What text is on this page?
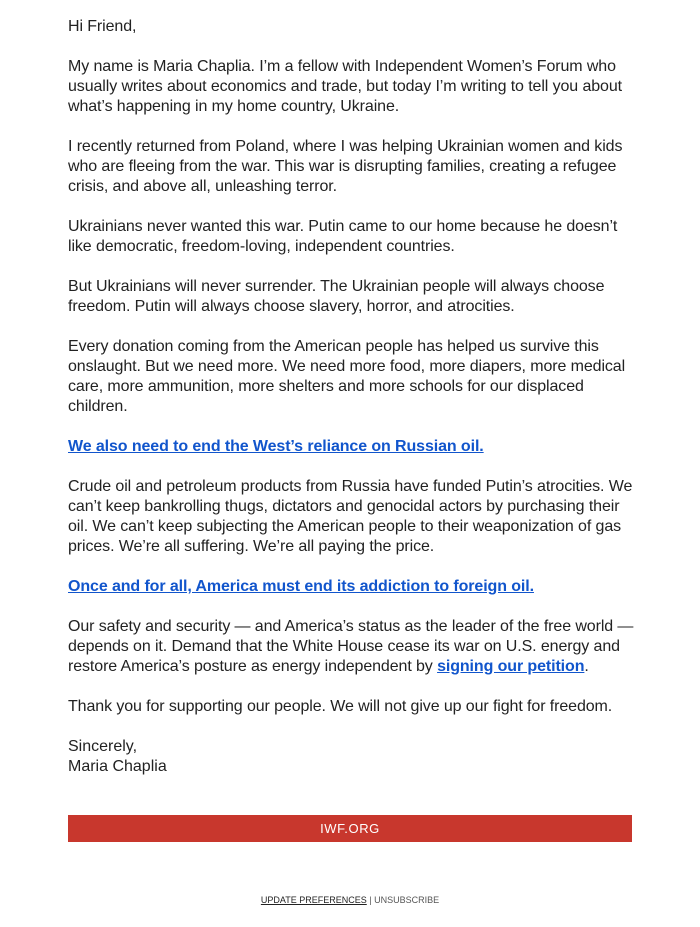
Hi Friend,

My name is Maria Chaplia. I’m a fellow with Independent Women’s Forum who usually writes about economics and trade, but today I’m writing to tell you about what’s happening in my home country, Ukraine.

I recently returned from Poland, where I was helping Ukrainian women and kids who are fleeing from the war. This war is disrupting families, creating a refugee crisis, and above all, unleashing terror.

Ukrainians never wanted this war. Putin came to our home because he doesn’t like democratic, freedom-loving, independent countries.

But Ukrainians will never surrender. The Ukrainian people will always choose freedom. Putin will always choose slavery, horror, and atrocities.

Every donation coming from the American people has helped us survive this onslaught. But we need more. We need more food, more diapers, more medical care, more ammunition, more shelters and more schools for our displaced children.

We also need to end the West’s reliance on Russian oil.

Crude oil and petroleum products from Russia have funded Putin’s atrocities. We can’t keep bankrolling thugs, dictators and genocidal actors by purchasing their oil. We can’t keep subjecting the American people to their weaponization of gas prices. We’re all suffering. We’re all paying the price.

Once and for all, America must end its addiction to foreign oil.

Our safety and security — and America’s status as the leader of the free world — depends on it. Demand that the White House cease its war on U.S. energy and restore America’s posture as energy independent by signing our petition.

Thank you for supporting our people. We will not give up our fight for freedom.

Sincerely,

Maria Chaplia

IWF.ORG
UPDATE PREFERENCES | UNSUBSCRIBE
